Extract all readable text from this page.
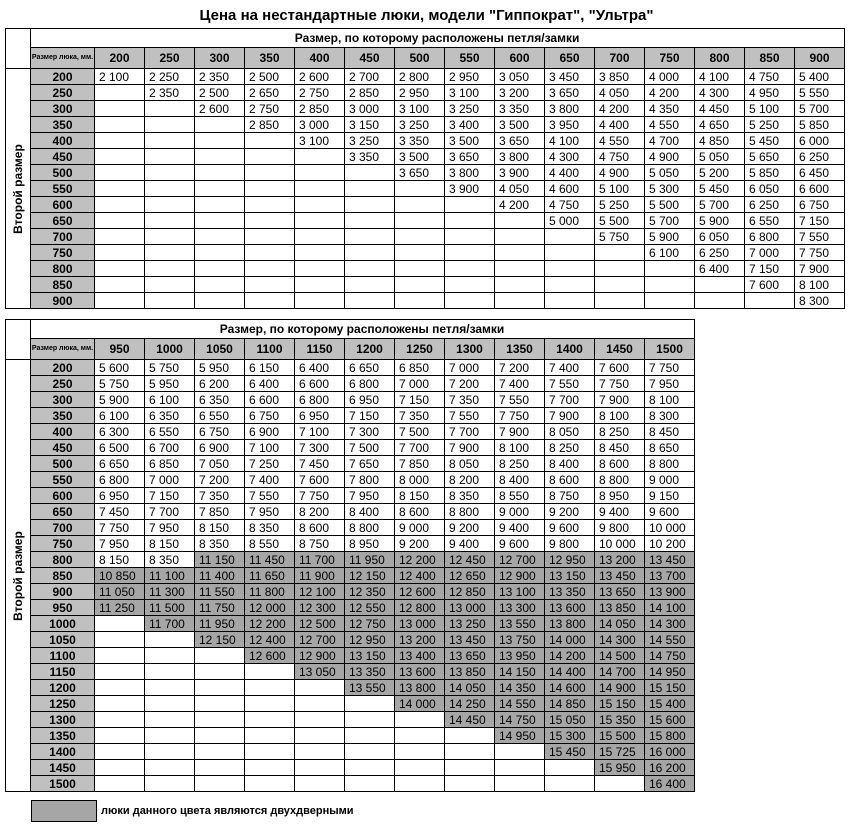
Цена на нестандартные люки, модели "Гиппократ", "Ультра"
	Размер, по которому расположены петля/замки															
	Размер люка, мм.	200	250	300	350	400	450	500	550	600	650	700	750	800	850	900

Второй размер	200	2 100	2 250	2 350	2 500	2 600	2 700	2 800	2 950	3 050	3 450	3 850	4 000	4 100	4 750	5 400
	250		2 350	2 500	2 650	2 750	2 850	2 950	3 100	3 200	3 650	4 050	4 200	4 300	4 950	5 550
	300			2 600	2 750	2 850	3 000	3 100	3 250	3 350	3 800	4 200	4 350	4 450	5 100	5 700
	350				2 850	3 000	3 150	3 250	3 400	3 500	3 950	4 400	4 550	4 650	5 250	5 850
	400					3 100	3 250	3 350	3 500	3 650	4 100	4 550	4 700	4 850	5 450	6 000
	450						3 350	3 500	3 650	3 800	4 300	4 750	4 900	5 050	5 650	6 250
	500							3 650	3 800	3 900	4 400	4 900	5 050	5 200	5 850	6 450
	550								3 900	4 050	4 600	5 100	5 300	5 450	6 050	6 600
	600									4 200	4 750	5 250	5 500	5 700	6 250	6 750
	650										5 000	5 500	5 700	5 900	6 550	7 150
	700											5 750	5 900	6 050	6 800	7 550
	750												6 100	6 250	7 000	7 750
	800													6 400	7 150	7 900
	850														7 600	8 100
	900															8 300
	Размер, по которому расположены петля/замки												
	Размер люка, мм.	950	1000	1050	1100	1150	1200	1250	1300	1350	1400	1450	1500

Второй размер	200	5 600	5 750	5 950	6 150	6 400	6 650	6 850	7 000	7 200	7 400	7 600	7 750
	250	5 750	5 950	6 200	6 400	6 600	6 800	7 000	7 200	7 400	7 550	7 750	7 950
	300	5 900	6 100	6 350	6 600	6 800	6 950	7 150	7 350	7 550	7 700	7 900	8 100
	350	6 100	6 350	6 550	6 750	6 950	7 150	7 350	7 550	7 750	7 900	8 100	8 300
	400	6 300	6 550	6 750	6 900	7 100	7 300	7 500	7 700	7 900	8 050	8 250	8 450
	450	6 500	6 700	6 900	7 100	7 300	7 500	7 700	7 900	8 100	8 250	8 450	8 650
	500	6 650	6 850	7 050	7 250	7 450	7 650	7 850	8 050	8 250	8 400	8 600	8 800
	550	6 800	7 000	7 200	7 400	7 600	7 800	8 000	8 200	8 400	8 600	8 800	9 000
	600	6 950	7 150	7 350	7 550	7 750	7 950	8 150	8 350	8 550	8 750	8 950	9 150
	650	7 450	7 700	7 850	7 950	8 200	8 400	8 600	8 800	9 000	9 200	9 400	9 600
	700	7 750	7 950	8 150	8 350	8 600	8 800	9 000	9 200	9 400	9 600	9 800	10 000
	750	7 950	8 150	8 350	8 550	8 750	8 950	9 200	9 400	9 600	9 800	10 000	10 200
	800	8 150	8 350	11 150	11 450	11 700	11 950	12 200	12 450	12 700	12 950	13 200	13 450
	850	10 850	11 100	11 400	11 650	11 900	12 150	12 400	12 650	12 900	13 150	13 450	13 700
	900	11 050	11 300	11 550	11 800	12 100	12 350	12 600	12 850	13 100	13 350	13 650	13 900
	950	11 250	11 500	11 750	12 000	12 300	12 550	12 800	13 000	13 300	13 600	13 850	14 100
	1000		11 700	11 950	12 200	12 500	12 750	13 000	13 250	13 550	13 800	14 050	14 300
	1050			12 150	12 400	12 700	12 950	13 200	13 450	13 750	14 000	14 300	14 550
	1100				12 600	12 900	13 150	13 400	13 650	13 950	14 200	14 500	14 750
	1150					13 050	13 350	13 600	13 850	14 150	14 400	14 700	14 950
	1200						13 550	13 800	14 050	14 350	14 600	14 900	15 150
	1250							14 000	14 250	14 550	14 850	15 150	15 400
	1300								14 450	14 750	15 050	15 350	15 600
	1350									14 950	15 300	15 500	15 800
	1400										15 450	15 725	16 000
	1450											15 950	16 200
	1500												16 400
люки данного цвета являются двухдверными
